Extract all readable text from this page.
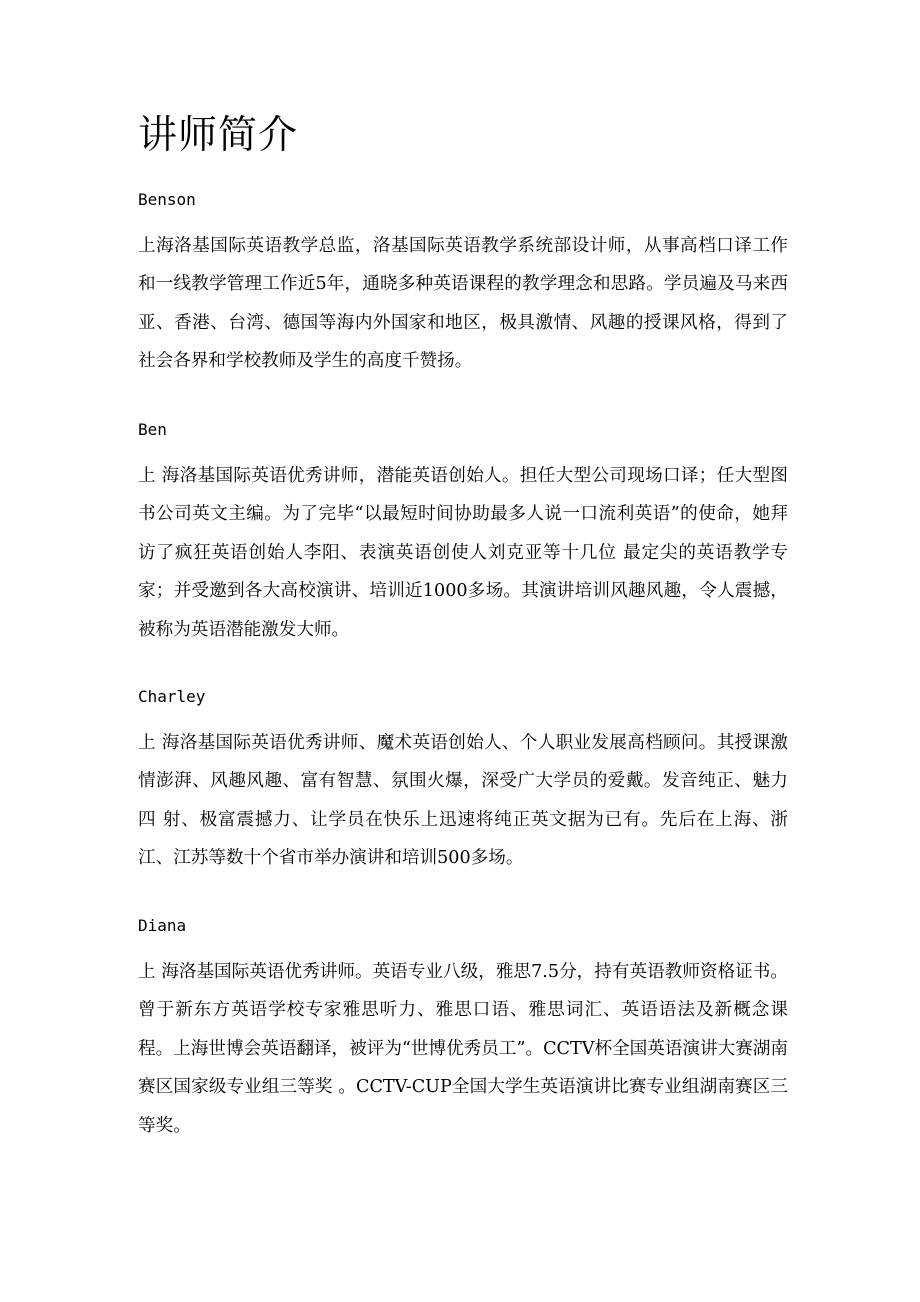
讲师简介
Benson

上海洛基国际英语教学总监，洛基国际英语教学系统部设计师，从事高档口译工作和一线教学管理工作近5年，通晓多种英语课程的教学理念和思路。学员遍及马来西亚、香港、台湾、德国等海内外国家和地区，极具激情、风趣的授课风格，得到了社会各界和学校教师及学生的高度千赞扬。

Ben

上 海洛基国际英语优秀讲师，潜能英语创始人。担任大型公司现场口译；任大型图书公司英文主编。为了完毕“以最短时间协助最多人说一口流利英语”的使命，她拜访了疯狂英语创始人李阳、表演英语创使人刘克亚等十几位 最定尖的英语教学专家；并受邀到各大高校演讲、培训近1000多场。其演讲培训风趣风趣，令人震撼，被称为英语潜能激发大师。

Charley

上 海洛基国际英语优秀讲师、魔术英语创始人、个人职业发展高档顾问。其授课激情澎湃、风趣风趣、富有智慧、氛围火爆，深受广大学员的爱戴。发音纯正、魅力四 射、极富震撼力、让学员在快乐上迅速将纯正英文据为已有。先后在上海、浙江、江苏等数十个省市举办演讲和培训500多场。

Diana

上 海洛基国际英语优秀讲师。英语专业八级，雅思7.5分，持有英语教师资格证书。曾于新东方英语学校专家雅思听力、雅思口语、雅思词汇、英语语法及新概念课 程。上海世博会英语翻译，被评为“世博优秀员工”。CCTV杯全国英语演讲大赛湖南赛区国家级专业组三等奖 。CCTV-CUP全国大学生英语演讲比赛专业组湖南赛区三等奖。
